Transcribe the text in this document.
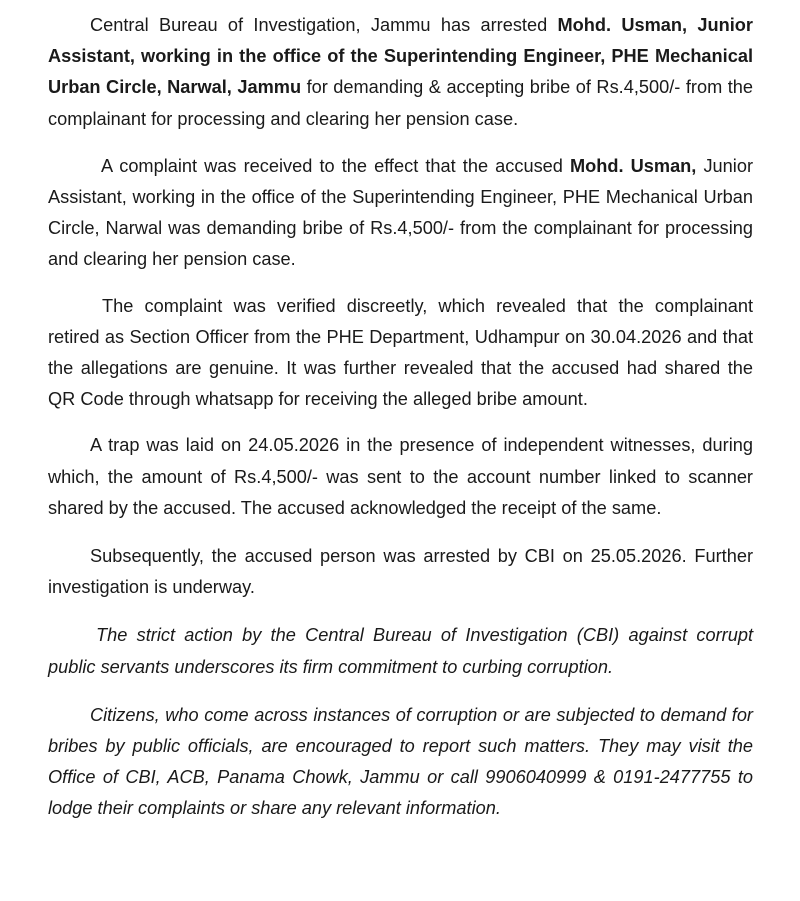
Central Bureau of Investigation, Jammu has arrested Mohd. Usman, Junior Assistant, working in the office of the Superintending Engineer, PHE Mechanical Urban Circle, Narwal, Jammu for demanding & accepting bribe of Rs.4,500/- from the complainant for processing and clearing her pension case.

A complaint was received to the effect that the accused Mohd. Usman, Junior Assistant, working in the office of the Superintending Engineer, PHE Mechanical Urban Circle, Narwal was demanding bribe of Rs.4,500/- from the complainant for processing and clearing her pension case.

The complaint was verified discreetly, which revealed that the complainant retired as Section Officer from the PHE Department, Udhampur on 30.04.2026 and that the allegations are genuine. It was further revealed that the accused had shared the QR Code through whatsapp for receiving the alleged bribe amount.

A trap was laid on 24.05.2026 in the presence of independent witnesses, during which, the amount of Rs.4,500/- was sent to the account number linked to scanner shared by the accused. The accused acknowledged the receipt of the same.

Subsequently, the accused person was arrested by CBI on 25.05.2026. Further investigation is underway.

The strict action by the Central Bureau of Investigation (CBI) against corrupt public servants underscores its firm commitment to curbing corruption.

Citizens, who come across instances of corruption or are subjected to demand for bribes by public officials, are encouraged to report such matters. They may visit the Office of CBI, ACB, Panama Chowk, Jammu or call 9906040999 & 0191-2477755 to lodge their complaints or share any relevant information.
